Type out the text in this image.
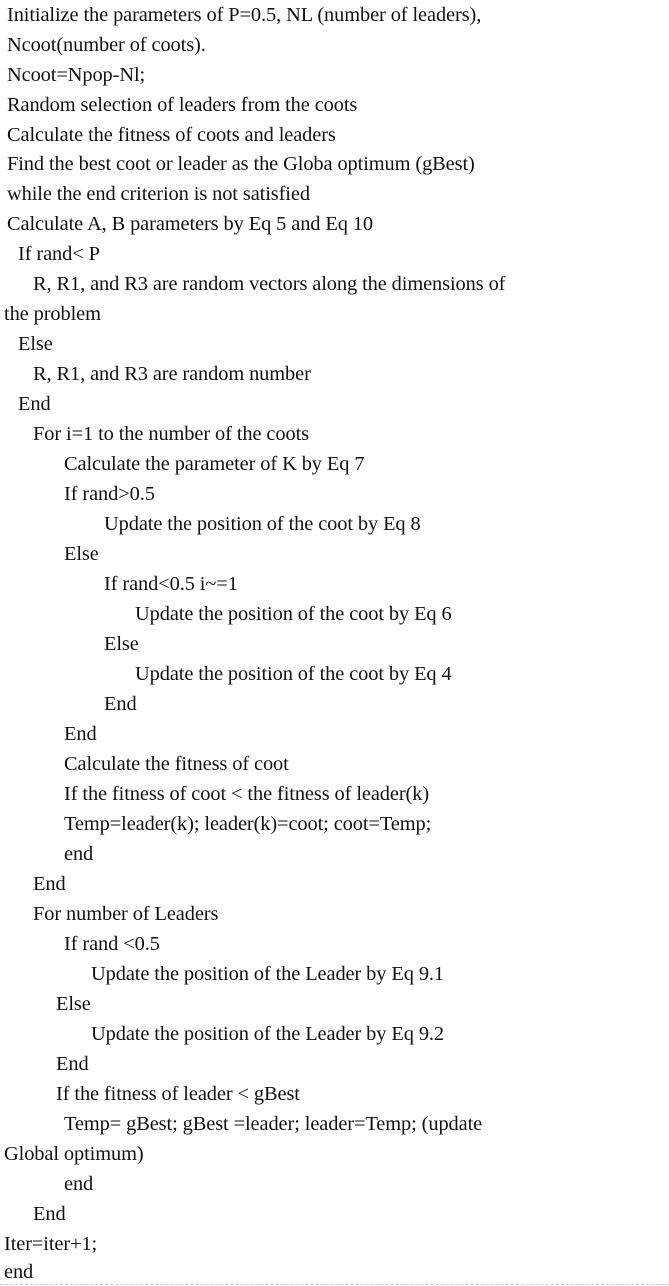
Initialize the parameters of P=0.5, NL (number of leaders),
Ncoot(number of coots).
Ncoot=Npop-Nl;
Random selection of leaders from the coots
Calculate the fitness of coots and leaders
Find the best coot or leader as the Globa optimum (gBest)
while the end criterion is not satisfied
Calculate A, B parameters by Eq 5 and Eq 10
If rand< P
R, R1, and R3 are random vectors along the dimensions of
the problem
Else
R, R1, and R3 are random number
End
For i=1 to the number of the coots
Calculate the parameter of K by Eq 7
If rand>0.5
Update the position of the coot by Eq 8
Else
If rand<0.5 i~=1
Update the position of the coot by Eq 6
Else
Update the position of the coot by Eq 4
End
End
Calculate the fitness of coot
If the fitness of coot < the fitness of leader(k)
Temp=leader(k); leader(k)=coot; coot=Temp;
end
End
For number of Leaders
If rand <0.5
Update the position of the Leader by Eq 9.1
Else
Update the position of the Leader by Eq 9.2
End
If the fitness of leader < gBest
Temp= gBest; gBest =leader; leader=Temp; (update
Global optimum)
end
End
Iter=iter+1;
end
